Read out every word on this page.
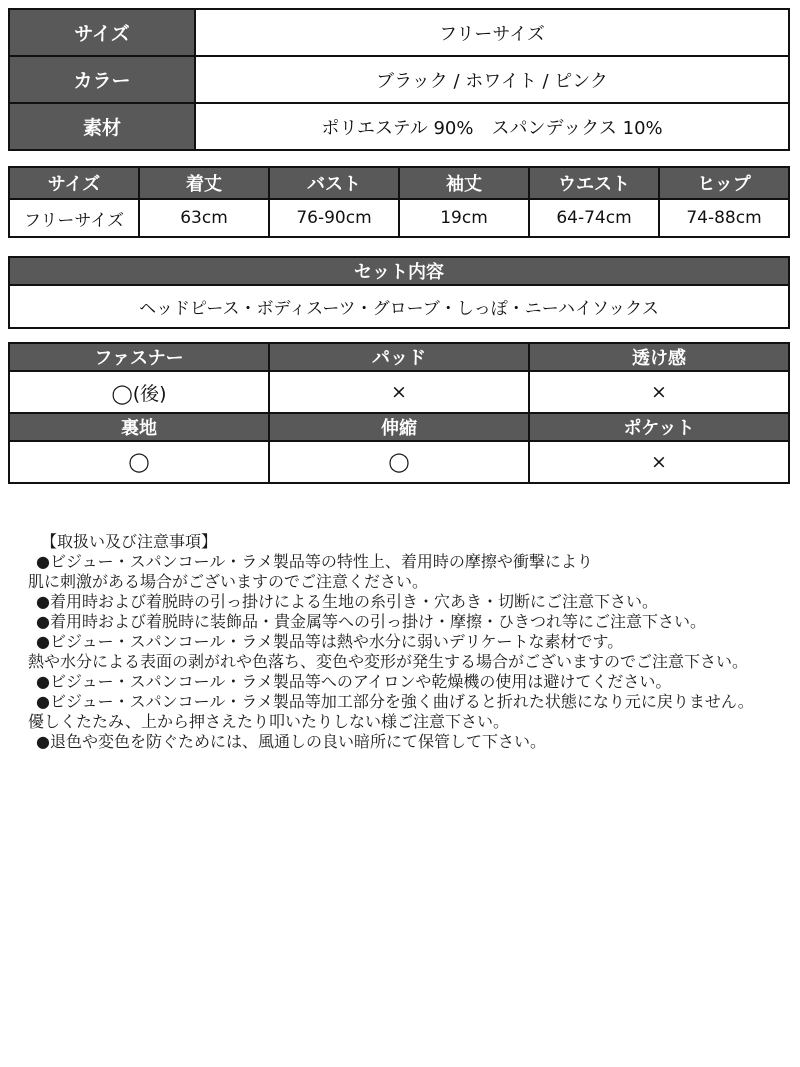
サイズ	フリーサイズ
カラー	ブラック / ホワイト / ピンク
素材	ポリエステル 90%　スパンデックス 10%
サイズ	着丈	バスト	袖丈	ウエスト	ヒップ
フリーサイズ	63cm	76-90cm	19cm	64-74cm	74-88cm
セット内容
ヘッドピース・ボディスーツ・グローブ・しっぽ・ニーハイソックス
ファスナー	パッド	透け感
◯(後)	×	×
裏地	伸縮	ポケット
◯	◯	×
【取扱い及び注意事項】
●ビジュー・スパンコール・ラメ製品等の特性上、着用時の摩擦や衝撃により
肌に刺激がある場合がございますのでご注意ください。
●着用時および着脱時の引っ掛けによる生地の糸引き・穴あき・切断にご注意下さい。
●着用時および着脱時に装飾品・貴金属等への引っ掛け・摩擦・ひきつれ等にご注意下さい。
●ビジュー・スパンコール・ラメ製品等は熱や水分に弱いデリケートな素材です。
熱や水分による表面の剥がれや色落ち、変色や変形が発生する場合がございますのでご注意下さい。
●ビジュー・スパンコール・ラメ製品等へのアイロンや乾燥機の使用は避けてください。
●ビジュー・スパンコール・ラメ製品等加工部分を強く曲げると折れた状態になり元に戻りません。
優しくたたみ、上から押さえたり叩いたりしない様ご注意下さい。
●退色や変色を防ぐためには、風通しの良い暗所にて保管して下さい。
